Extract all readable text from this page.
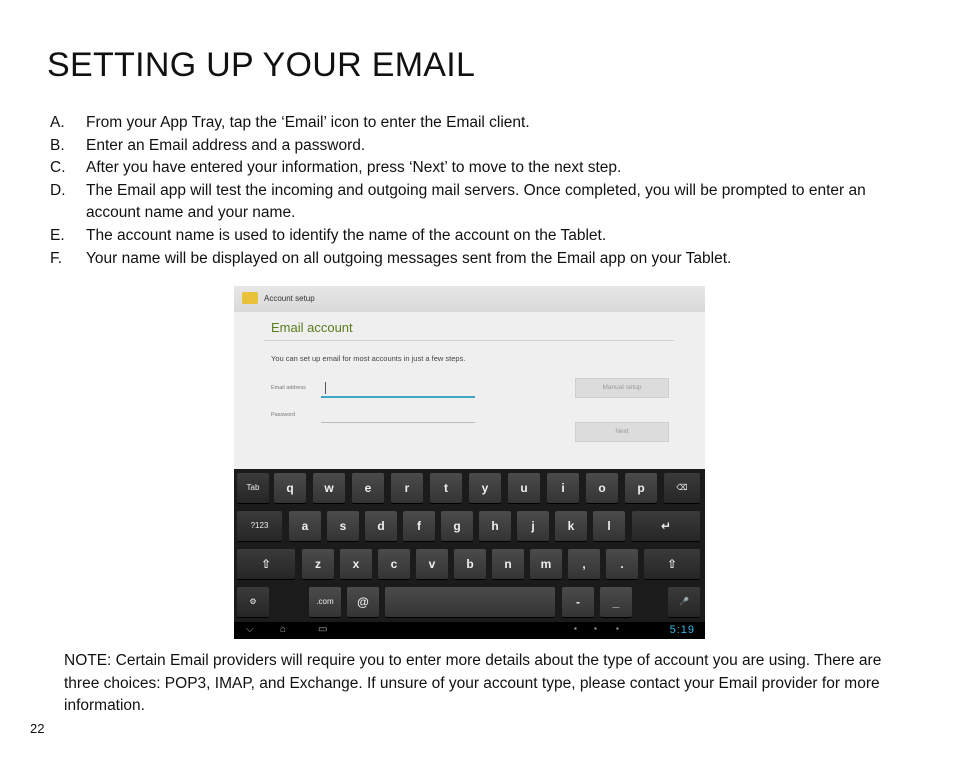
SETTING UP YOUR EMAIL
A. From your App Tray, tap the ‘Email’ icon to enter the Email client.
B. Enter an Email address and a password.
C. After you have entered your information, press ‘Next’ to move to the next step.
D. The Email app will test the incoming and outgoing mail servers. Once completed, you will be prompted to enter an account name and your name.
E. The account name is used to identify the name of the account on the Tablet.
F. Your name will be displayed on all outgoing messages sent from the Email app on your Tablet.
Account setup
Email account
You can set up email for most accounts in just a few steps.
Email address
Password
Manual setup
Next
Tab	q	w	e	r	t	y	u	i	o	p	⌫
?123	a	s	d	f	g	h	j	k	l	↵
⇧	z	x	c	v	b	n	m	,	.	⇧
⚙	.com	@	-	_	🎤
⌵	⌂	▭	▪ ▪ ▪	5:19
NOTE: Certain Email providers will require you to enter more details about the type of account you are using. There are three choices: POP3, IMAP, and Exchange. If unsure of your account type, please contact your Email provider for more information.
22
